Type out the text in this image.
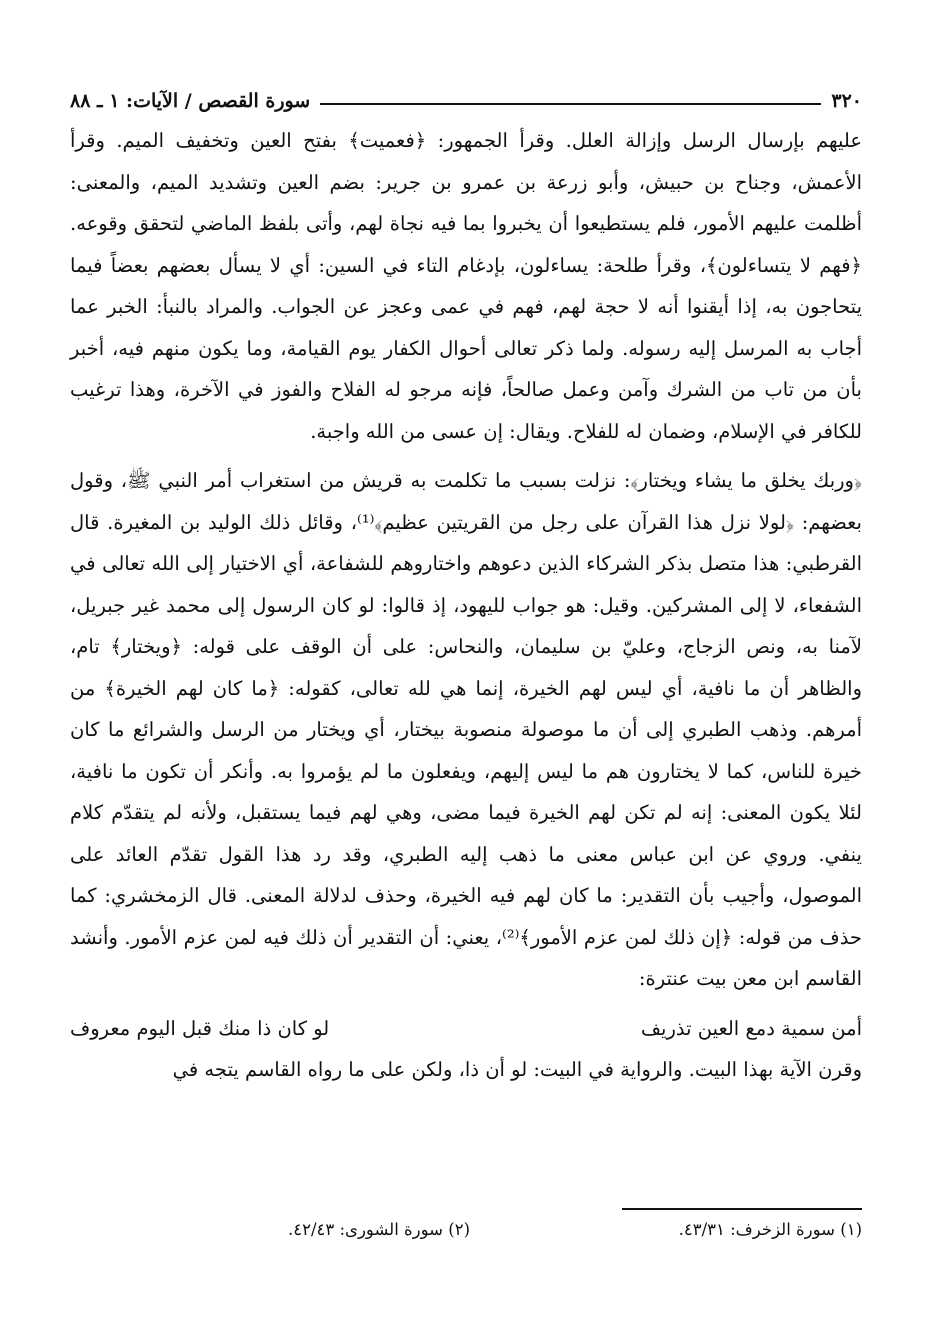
٣٢٠
سورة القصص / الآيات: ١ ـ ٨٨

عليهم بإرسال الرسل وإزالة العلل. وقرأ الجمهور: ﴿فعميت﴾ بفتح العين وتخفيف الميم. وقرأ الأعمش، وجناح بن حبيش، وأبو زرعة بن عمرو بن جرير: بضم العين وتشديد الميم، والمعنى: أظلمت عليهم الأمور، فلم يستطيعوا أن يخبروا بما فيه نجاة لهم، وأتى بلفظ الماضي لتحقق وقوعه. ﴿فهم لا يتساءلون﴾، وقرأ طلحة: يساءلون، بإدغام التاء في السين: أي لا يسأل بعضهم بعضاً فيما يتحاجون به، إذا أيقنوا أنه لا حجة لهم، فهم في عمى وعجز عن الجواب. والمراد بالنبأ: الخبر عما أجاب به المرسل إليه رسوله. ولما ذكر تعالى أحوال الكفار يوم القيامة، وما يكون منهم فيه، أخبر بأن من تاب من الشرك وآمن وعمل صالحاً، فإنه مرجو له الفلاح والفوز في الآخرة، وهذا ترغيب للكافر في الإسلام، وضمان له للفلاح. ويقال: إن عسى من الله واجبة.

﴿وربك يخلق ما يشاء ويختار﴾: نزلت بسبب ما تكلمت به قريش من استغراب أمر النبي ﷺ، وقول بعضهم: ﴿لولا نزل هذا القرآن على رجل من القريتين عظيم﴾⁽¹⁾، وقائل ذلك الوليد بن المغيرة. قال القرطبي: هذا متصل بذكر الشركاء الذين دعوهم واختاروهم للشفاعة، أي الاختيار إلى الله تعالى في الشفعاء، لا إلى المشركين. وقيل: هو جواب لليهود، إذ قالوا: لو كان الرسول إلى محمد غير جبريل، لآمنا به، ونص الزجاج، وعليّ بن سليمان، والنحاس: على أن الوقف على قوله: ﴿ويختار﴾ تام، والظاهر أن ما نافية، أي ليس لهم الخيرة، إنما هي لله تعالى، كقوله: ﴿ما كان لهم الخيرة﴾ من أمرهم. وذهب الطبري إلى أن ما موصولة منصوبة بيختار، أي ويختار من الرسل والشرائع ما كان خيرة للناس، كما لا يختارون هم ما ليس إليهم، ويفعلون ما لم يؤمروا به. وأنكر أن تكون ما نافية، لئلا يكون المعنى: إنه لم تكن لهم الخيرة فيما مضى، وهي لهم فيما يستقبل، ولأنه لم يتقدّم كلام ينفي. وروي عن ابن عباس معنى ما ذهب إليه الطبري، وقد رد هذا القول تقدّم العائد على الموصول، وأجيب بأن التقدير: ما كان لهم فيه الخيرة، وحذف لدلالة المعنى. قال الزمخشري: كما حذف من قوله: ﴿إن ذلك لمن عزم الأمور﴾⁽²⁾، يعني: أن التقدير أن ذلك فيه لمن عزم الأمور. وأنشد القاسم ابن معن بيت عنترة:

أمن سمية دمع العين تذريف
لو كان ذا منك قبل اليوم معروف

وقرن الآية بهذا البيت. والرواية في البيت: لو أن ذا، ولكن على ما رواه القاسم يتجه في

(١) سورة الزخرف: ٤٣/٣١.
(٢) سورة الشورى: ٤٢/٤٣.
